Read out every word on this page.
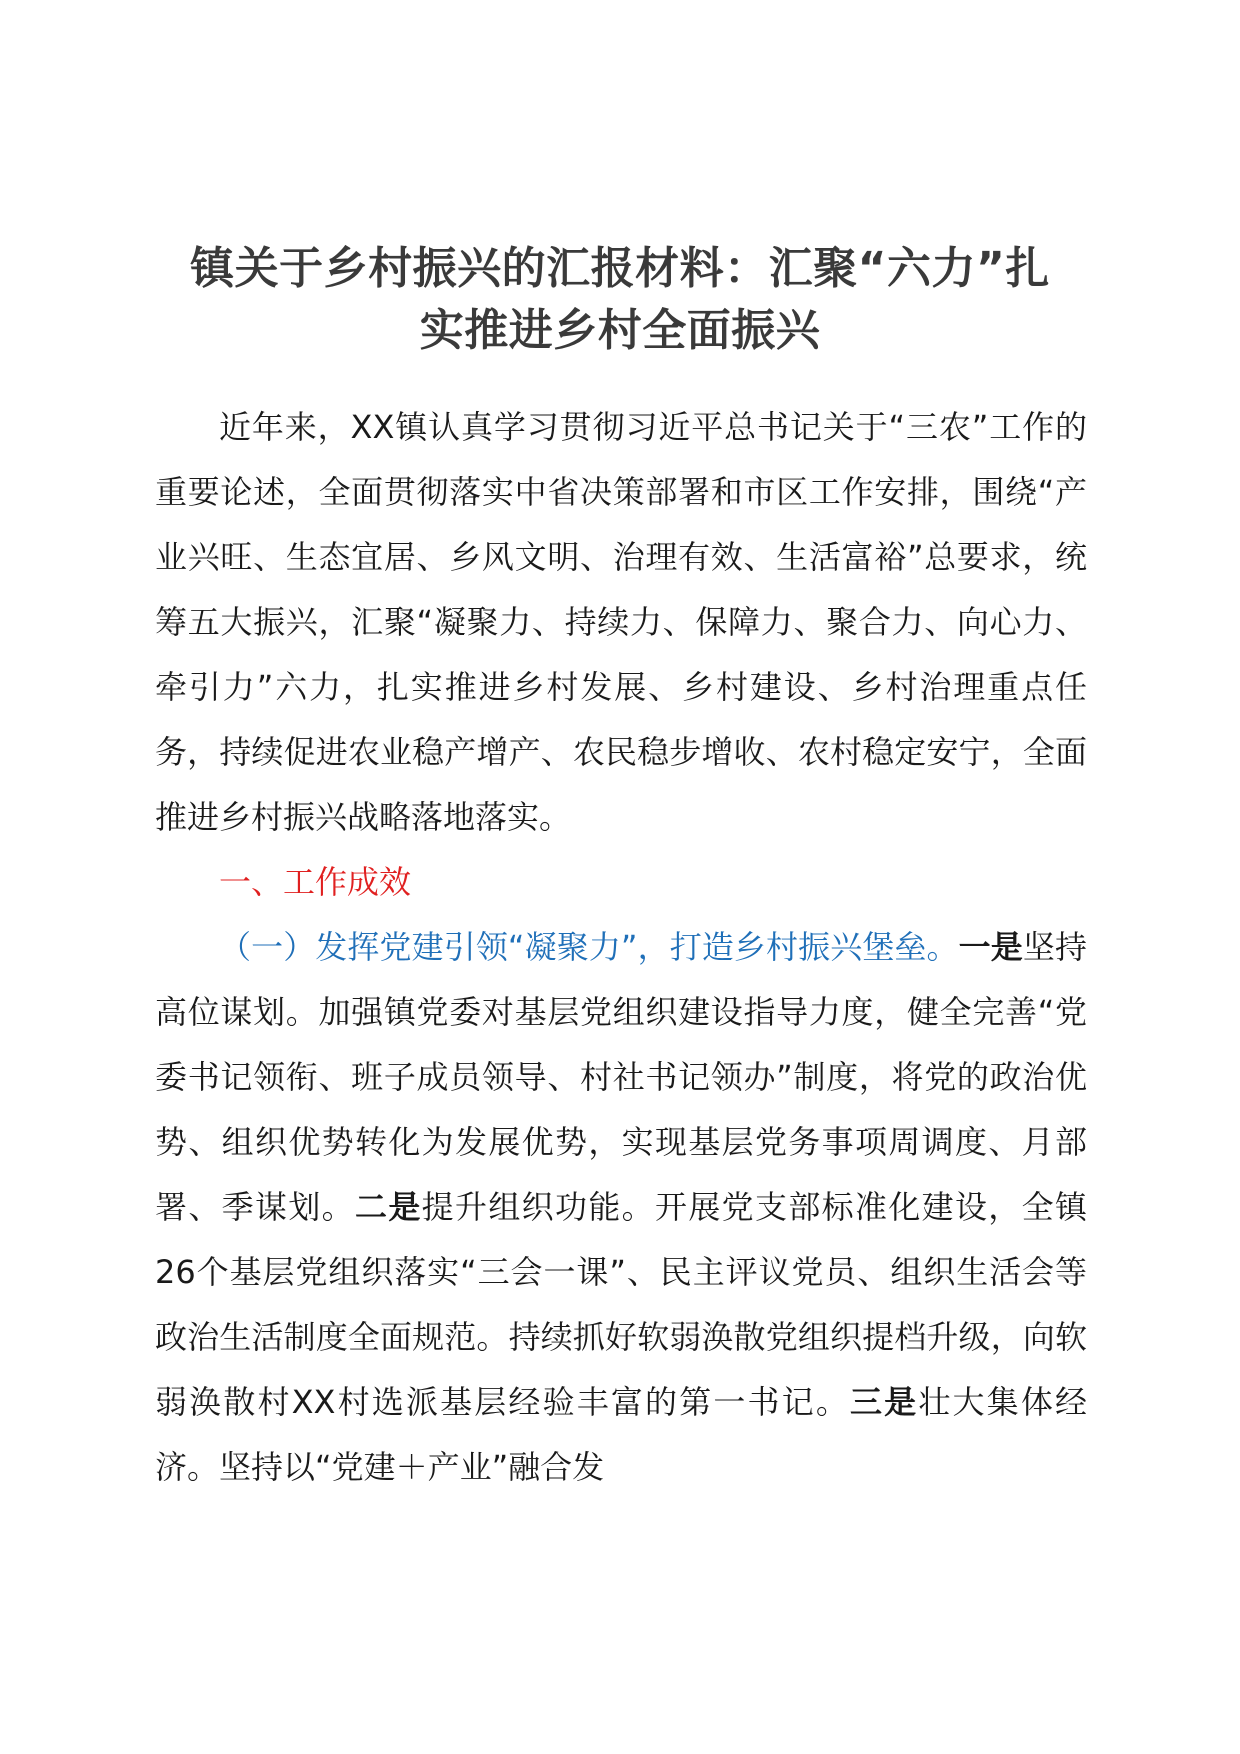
镇关于乡村振兴的汇报材料：汇聚“六力”扎
实推进乡村全面振兴

近年来，XX镇认真学习贯彻习近平总书记关于“三农”工作的重要论述，全面贯彻落实中省决策部署和市区工作安排，围绕“产业兴旺、生态宜居、乡风文明、治理有效、生活富裕”总要求，统筹五大振兴，汇聚“凝聚力、持续力、保障力、聚合力、向心力、牵引力”六力，扎实推进乡村发展、乡村建设、乡村治理重点任务，持续促进农业稳产增产、农民稳步增收、农村稳定安宁，全面推进乡村振兴战略落地落实。

一、工作成效

（一）发挥党建引领“凝聚力”，打造乡村振兴堡垒。一是坚持高位谋划。加强镇党委对基层党组织建设指导力度，健全完善“党委书记领衔、班子成员领导、村社书记领办”制度，将党的政治优势、组织优势转化为发展优势，实现基层党务事项周调度、月部署、季谋划。二是提升组织功能。开展党支部标准化建设，全镇26个基层党组织落实“三会一课”、民主评议党员、组织生活会等政治生活制度全面规范。持续抓好软弱涣散党组织提档升级，向软弱涣散村XX村选派基层经验丰富的第一书记。三是壮大集体经济。坚持以“党建＋产业”融合发
